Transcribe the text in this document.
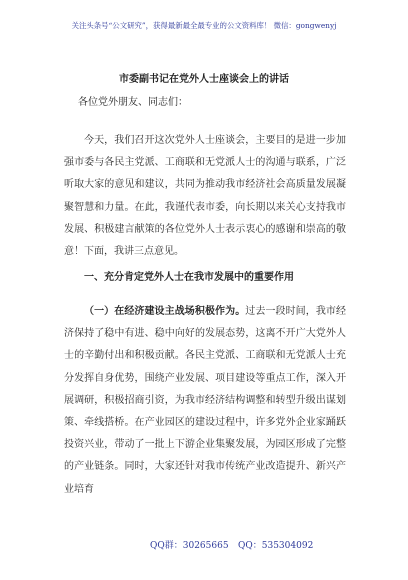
关注头条号“公文研究”，获得最新最全最专业的公文资料库！ 微信：gongwenyj
市委副书记在党外人士座谈会上的讲话
各位党外朋友、同志们：

今天，我们召开这次党外人士座谈会，主要目的是进一步加强市委与各民主党派、工商联和无党派人士的沟通与联系，广泛听取大家的意见和建议，共同为推动我市经济社会高质量发展凝聚智慧和力量。在此，我谨代表市委，向长期以来关心支持我市发展、积极建言献策的各位党外人士表示衷心的感谢和崇高的敬意！下面，我讲三点意见。

一、充分肯定党外人士在我市发展中的重要作用

（一）在经济建设主战场积极作为。过去一段时间，我市经济保持了稳中有进、稳中向好的发展态势，这离不开广大党外人士的辛勤付出和积极贡献。各民主党派、工商联和无党派人士充分发挥自身优势，围绕产业发展、项目建设等重点工作，深入开展调研，积极招商引资，为我市经济结构调整和转型升级出谋划策、牵线搭桥。在产业园区的建设过程中，许多党外企业家踊跃投资兴业，带动了一批上下游企业集聚发展，为园区形成了完整的产业链条。同时，大家还针对我市传统产业改造提升、新兴产业培育

QQ群：30265665 QQ：535304092
